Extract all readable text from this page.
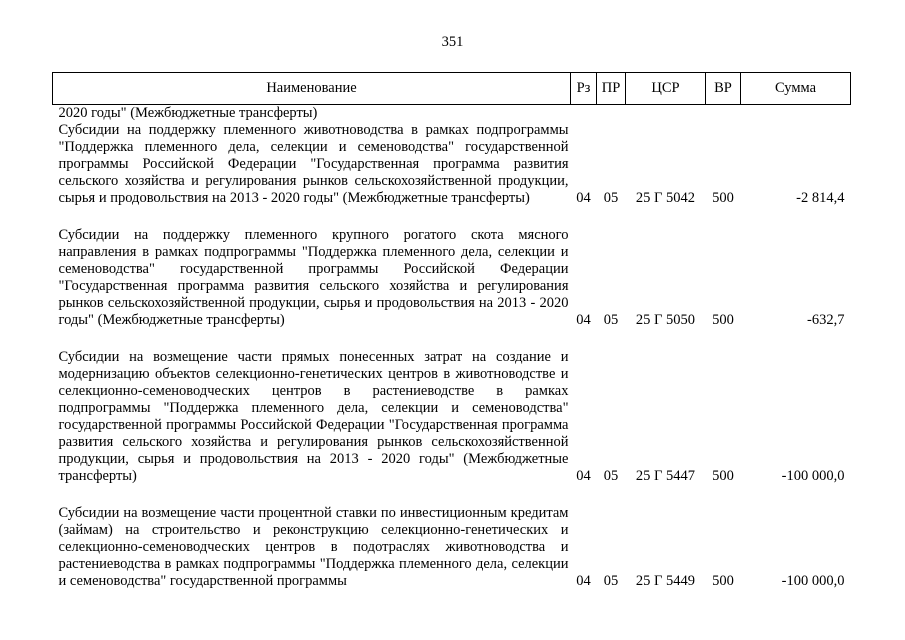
351
Наименование	Рз	ПР	ЦСР	ВР	Сумма
2020 годы" (Межбюджетные трансферты)					
Субсидии на поддержку племенного животноводства в рамках подпрограммы "Поддержка племенного дела, селекции и семеноводства" государственной программы Российской Федерации "Государственная программа развития сельского хозяйства и регулирования рынков сельскохозяйственной продукции, сырья и продовольствия на 2013 - 2020 годы" (Межбюджетные трансферты)	04	05	25 Г 5042	500	-2 814,4

Субсидии на поддержку племенного крупного рогатого скота мясного направления в рамках подпрограммы "Поддержка племенного дела, селекции и семеноводства" государственной программы Российской Федерации "Государственная программа развития сельского хозяйства и регулирования рынков сельскохозяйственной продукции, сырья и продовольствия на 2013 - 2020 годы" (Межбюджетные трансферты)	04	05	25 Г 5050	500	-632,7

Субсидии на возмещение части прямых понесенных затрат на создание и модернизацию объектов селекционно-генетических центров в животноводстве и селекционно-семеноводческих центров в растениеводстве в рамках подпрограммы "Поддержка племенного дела, селекции и семеноводства" государственной программы Российской Федерации "Государственная программа развития сельского хозяйства и регулирования рынков сельскохозяйственной продукции, сырья и продовольствия на 2013 - 2020 годы" (Межбюджетные трансферты)	04	05	25 Г 5447	500	-100 000,0

Субсидии на возмещение части процентной ставки по инвестиционным кредитам (займам) на строительство и реконструкцию селекционно-генетических и селекционно-семеноводческих центров в подотраслях животноводства и растениеводства в рамках подпрограммы "Поддержка племенного дела, селекции и семеноводства" государственной программы	04	05	25 Г 5449	500	-100 000,0
